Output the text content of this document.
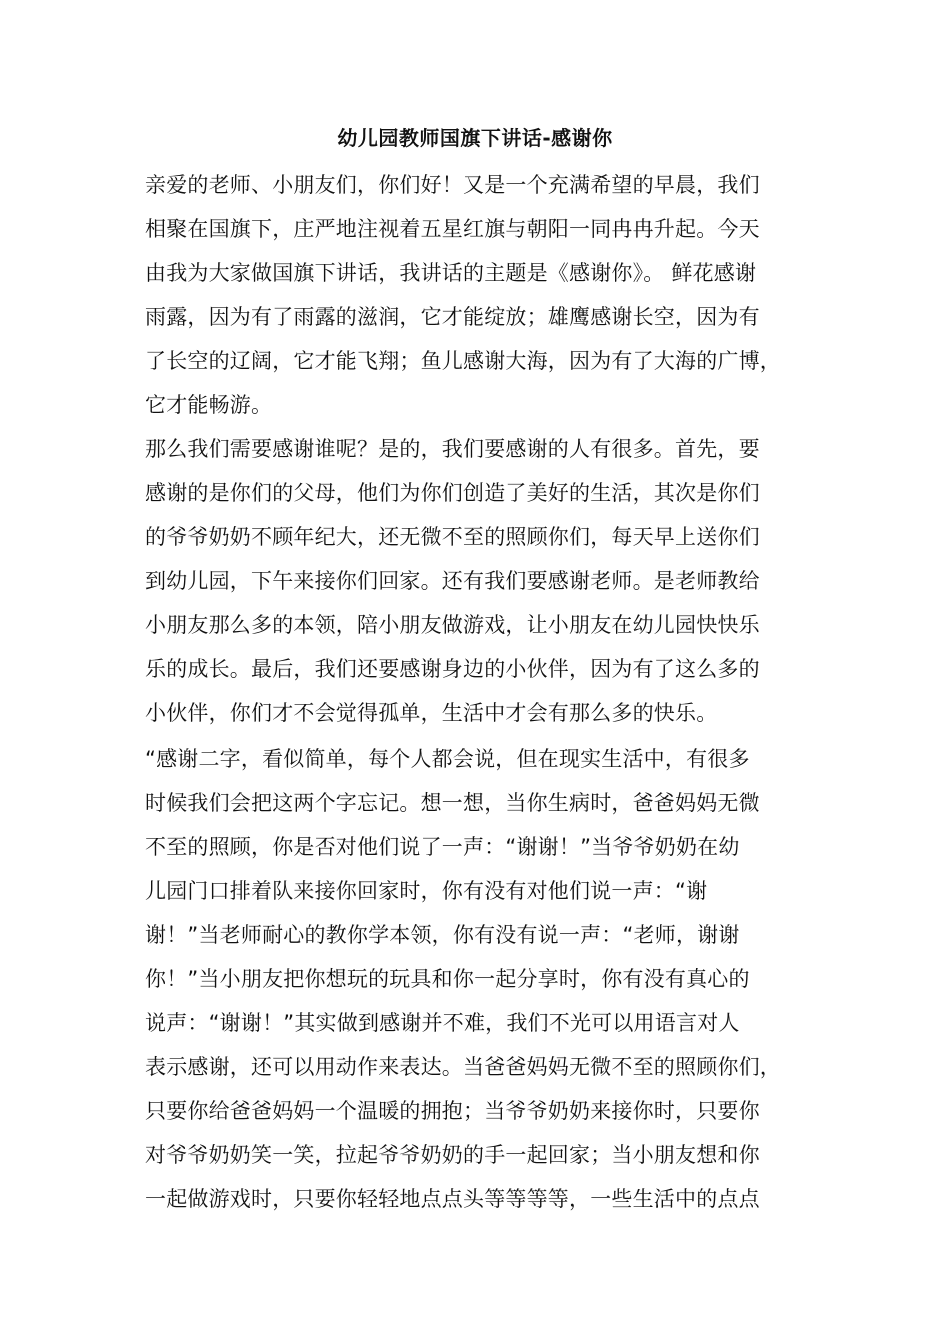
幼儿园教师国旗下讲话-感谢你
亲爱的老师、小朋友们，你们好！又是一个充满希望的早晨，我们
相聚在国旗下，庄严地注视着五星红旗与朝阳一同冉冉升起。今天
由我为大家做国旗下讲话，我讲话的主题是《感谢你》。 鲜花感谢
雨露，因为有了雨露的滋润，它才能绽放；雄鹰感谢长空，因为有
了长空的辽阔，它才能飞翔；鱼儿感谢大海，因为有了大海的广博，
它才能畅游。
那么我们需要感谢谁呢？是的，我们要感谢的人有很多。首先，要
感谢的是你们的父母，他们为你们创造了美好的生活，其次是你们
的爷爷奶奶不顾年纪大，还无微不至的照顾你们，每天早上送你们
到幼儿园，下午来接你们回家。还有我们要感谢老师。是老师教给
小朋友那么多的本领，陪小朋友做游戏，让小朋友在幼儿园快快乐
乐的成长。最后，我们还要感谢身边的小伙伴，因为有了这么多的
小伙伴，你们才不会觉得孤单，生活中才会有那么多的快乐。
“感谢二字，看似简单，每个人都会说，但在现实生活中，有很多
时候我们会把这两个字忘记。想一想，当你生病时，爸爸妈妈无微
不至的照顾，你是否对他们说了一声：“谢谢！”当爷爷奶奶在幼
儿园门口排着队来接你回家时，你有没有对他们说一声：“谢
谢！”当老师耐心的教你学本领，你有没有说一声：“老师，谢谢
你！”当小朋友把你想玩的玩具和你一起分享时，你有没有真心的
说声：“谢谢！”其实做到感谢并不难，我们不光可以用语言对人
表示感谢，还可以用动作来表达。当爸爸妈妈无微不至的照顾你们，
只要你给爸爸妈妈一个温暖的拥抱；当爷爷奶奶来接你时，只要你
对爷爷奶奶笑一笑，拉起爷爷奶奶的手一起回家；当小朋友想和你
一起做游戏时，只要你轻轻地点点头等等等等，一些生活中的点点
